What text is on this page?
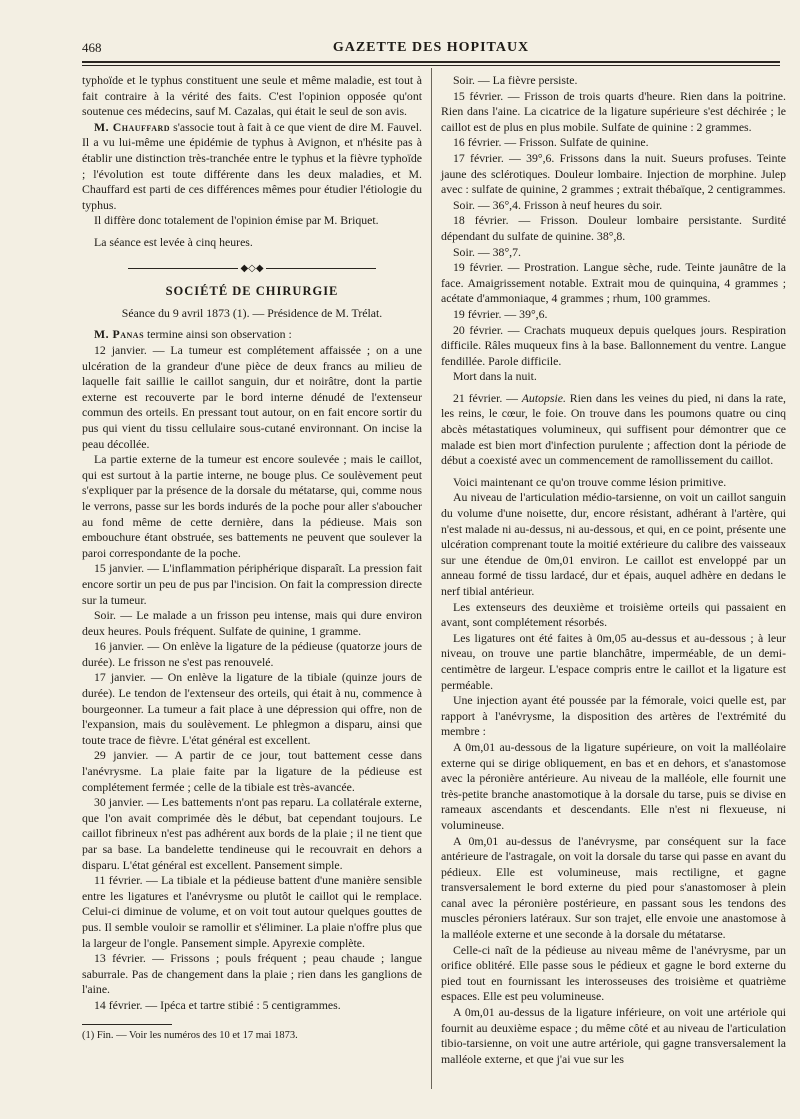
468	GAZETTE DES HOPITAUX

typhoïde et le typhus constituent une seule et même maladie, est tout à fait contraire à la vérité des faits. C'est l'opinion opposée qu'ont soutenue ces médecins, sauf M. Cazalas, qui était le seul de son avis.

M. Chauffard s'associe tout à fait à ce que vient de dire M. Fauvel. Il a vu lui-même une épidémie de typhus à Avignon, et n'hésite pas à établir une distinction très-tranchée entre le typhus et la fièvre typhoïde ; l'évolution est toute différente dans les deux maladies, et M. Chauffard est parti de ces différences mêmes pour étudier l'étiologie du typhus.

Il diffère donc totalement de l'opinion émise par M. Briquet.

La séance est levée à cinq heures.

◆◇◆
SOCIÉTÉ DE CHIRURGIE
Séance du 9 avril 1873 (1). — Présidence de M. Trélat.

M. Panas termine ainsi son observation :

12 janvier. — La tumeur est complétement affaissée ; on a une ulcération de la grandeur d'une pièce de deux francs au milieu de laquelle fait saillie le caillot sanguin, dur et noirâtre, dont la partie externe est recouverte par le bord interne dénudé de l'extenseur commun des orteils. En pressant tout autour, on en fait encore sortir du pus qui vient du tissu cellulaire sous-cutané environnant. On incise la peau décollée.

La partie externe de la tumeur est encore soulevée ; mais le caillot, qui est surtout à la partie interne, ne bouge plus. Ce soulèvement peut s'expliquer par la présence de la dorsale du métatarse, qui, comme nous le verrons, passe sur les bords indurés de la poche pour aller s'aboucher au fond même de cette dernière, dans la pédieuse. Mais son embouchure étant obstruée, ses battements ne peuvent que soulever la paroi correspondante de la poche.

15 janvier. — L'inflammation périphérique disparaît. La pression fait encore sortir un peu de pus par l'incision. On fait la compression directe sur la tumeur.

Soir. — Le malade a un frisson peu intense, mais qui dure environ deux heures. Pouls fréquent. Sulfate de quinine, 1 gramme.

16 janvier. — On enlève la ligature de la pédieuse (quatorze jours de durée). Le frisson ne s'est pas renouvelé.

17 janvier. — On enlève la ligature de la tibiale (quinze jours de durée). Le tendon de l'extenseur des orteils, qui était à nu, commence à bourgeonner. La tumeur a fait place à une dépression qui offre, non de l'expansion, mais du soulèvement. Le phlegmon a disparu, ainsi que toute trace de fièvre. L'état général est excellent.

29 janvier. — A partir de ce jour, tout battement cesse dans l'anévrysme. La plaie faite par la ligature de la pédieuse est complétement fermée ; celle de la tibiale est très-avancée.

30 janvier. — Les battements n'ont pas reparu. La collatérale externe, que l'on avait comprimée dès le début, bat cependant toujours. Le caillot fibrineux n'est pas adhérent aux bords de la plaie ; il ne tient que par sa base. La bandelette tendineuse qui le recouvrait en dehors a disparu. L'état général est excellent. Pansement simple.

11 février. — La tibiale et la pédieuse battent d'une manière sensible entre les ligatures et l'anévrysme ou plutôt le caillot qui le remplace. Celui-ci diminue de volume, et on voit tout autour quelques gouttes de pus. Il semble vouloir se ramollir et s'éliminer. La plaie n'offre plus que la largeur de l'ongle. Pansement simple. Apyrexie complète.

13 février. — Frissons ; pouls fréquent ; peau chaude ; langue saburrale. Pas de changement dans la plaie ; rien dans les ganglions de l'aine.

14 février. — Ipéca et tartre stibié : 5 centigrammes.

(1) Fin. — Voir les numéros des 10 et 17 mai 1873.

Soir. — La fièvre persiste.

15 février. — Frisson de trois quarts d'heure. Rien dans la poitrine. Rien dans l'aine. La cicatrice de la ligature supérieure s'est déchirée ; le caillot est de plus en plus mobile. Sulfate de quinine : 2 grammes.

16 février. — Frisson. Sulfate de quinine.

17 février. — 39°,6. Frissons dans la nuit. Sueurs profuses. Teinte jaune des sclérotiques. Douleur lombaire. Injection de morphine. Julep avec : sulfate de quinine, 2 grammes ; extrait thébaïque, 2 centigrammes.

Soir. — 36°,4. Frisson à neuf heures du soir.

18 février. — Frisson. Douleur lombaire persistante. Surdité dépendant du sulfate de quinine. 38°,8.

Soir. — 38°,7.

19 février. — Prostration. Langue sèche, rude. Teinte jaunâtre de la face. Amaigrissement notable. Extrait mou de quinquina, 4 grammes ; acétate d'ammoniaque, 4 grammes ; rhum, 100 grammes.

19 février. — 39°,6.

20 février. — Crachats muqueux depuis quelques jours. Respiration difficile. Râles muqueux fins à la base. Ballonnement du ventre. Langue fendillée. Parole difficile.

Mort dans la nuit.

21 février. — Autopsie. Rien dans les veines du pied, ni dans la rate, les reins, le cœur, le foie. On trouve dans les poumons quatre ou cinq abcès métastatiques volumineux, qui suffisent pour démontrer que ce malade est bien mort d'infection purulente ; affection dont la période de début a coexisté avec un commencement de ramollissement du caillot.

Voici maintenant ce qu'on trouve comme lésion primitive.

Au niveau de l'articulation médio-tarsienne, on voit un caillot sanguin du volume d'une noisette, dur, encore résistant, adhérant à l'artère, qui n'est malade ni au-dessus, ni au-dessous, et qui, en ce point, présente une ulcération comprenant toute la moitié extérieure du calibre des vaisseaux sur une étendue de 0m,01 environ. Le caillot est enveloppé par un anneau formé de tissu lardacé, dur et épais, auquel adhère en dedans le nerf tibial antérieur.

Les extenseurs des deuxième et troisième orteils qui passaient en avant, sont complétement résorbés.

Les ligatures ont été faites à 0m,05 au-dessus et au-dessous ; à leur niveau, on trouve une partie blanchâtre, imperméable, de un demi-centimètre de largeur. L'espace compris entre le caillot et la ligature est perméable.

Une injection ayant été poussée par la fémorale, voici quelle est, par rapport à l'anévrysme, la disposition des artères de l'extrémité du membre :

A 0m,01 au-dessous de la ligature supérieure, on voit la malléolaire externe qui se dirige obliquement, en bas et en dehors, et s'anastomose avec la péronière antérieure. Au niveau de la malléole, elle fournit une très-petite branche anastomotique à la dorsale du tarse, puis se divise en rameaux ascendants et descendants. Elle n'est ni flexueuse, ni volumineuse.

A 0m,01 au-dessus de l'anévrysme, par conséquent sur la face antérieure de l'astragale, on voit la dorsale du tarse qui passe en avant du pédieux. Elle est volumineuse, mais rectiligne, et gagne transversalement le bord externe du pied pour s'anastomoser à plein canal avec la péronière postérieure, en passant sous les tendons des muscles péroniers latéraux. Sur son trajet, elle envoie une anastomose à la malléole externe et une seconde à la dorsale du métatarse.

Celle-ci naît de la pédieuse au niveau même de l'anévrysme, par un orifice oblitéré. Elle passe sous le pédieux et gagne le bord externe du pied tout en fournissant les interosseuses des troisième et quatrième espaces. Elle est peu volumineuse.

A 0m,01 au-dessus de la ligature inférieure, on voit une artériole qui fournit au deuxième espace ; du même côté et au niveau de l'articulation tibio-tarsienne, on voit une autre artériole, qui gagne transversalement la malléole externe, et que j'ai vue sur les
